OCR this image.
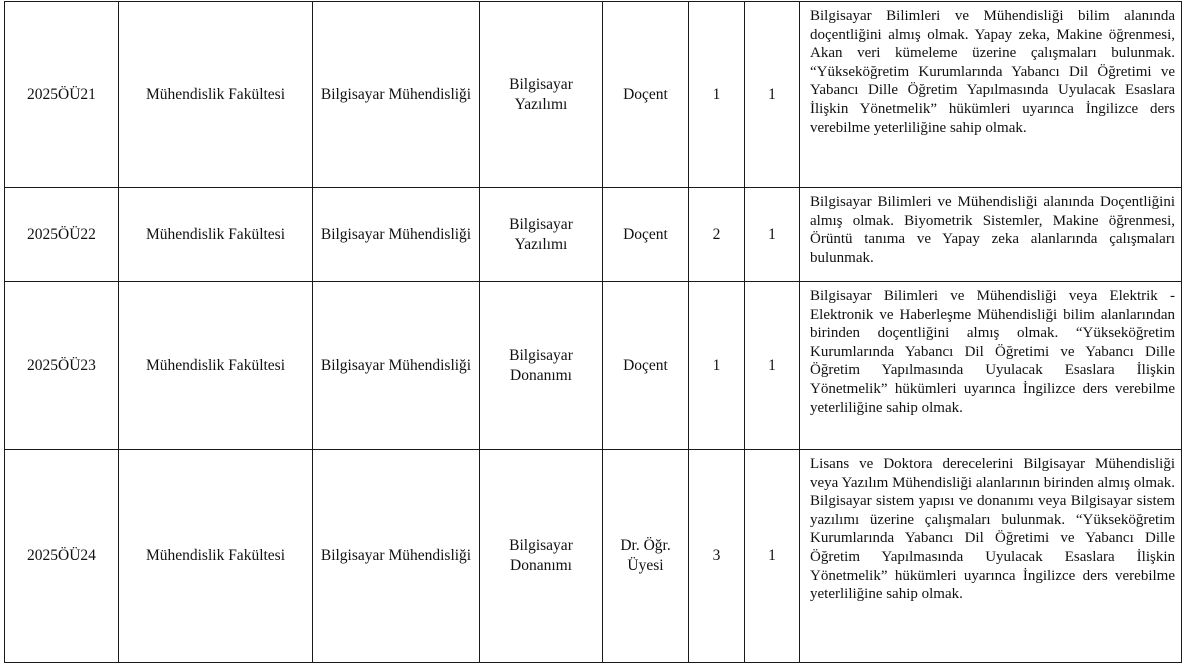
2025ÖÜ21	Mühendislik Fakültesi	Bilgisayar Mühendisliği	Bilgisayar Yazılımı	Doçent	1	1	Bilgisayar Bilimleri ve Mühendisliği bilim alanında doçentliğini almış olmak. Yapay zeka, Makine öğrenmesi, Akan veri kümeleme üzerine çalışmaları bulunmak. “Yükseköğretim Kurumlarında Yabancı Dil Öğretimi ve Yabancı Dille Öğretim Yapılmasında Uyulacak Esaslara İlişkin Yönetmelik” hükümleri uyarınca İngilizce ders verebilme yeterliliğine sahip olmak.
2025ÖÜ22	Mühendislik Fakültesi	Bilgisayar Mühendisliği	Bilgisayar Yazılımı	Doçent	2	1	Bilgisayar Bilimleri ve Mühendisliği alanında Doçentliğini almış olmak. Biyometrik Sistemler, Makine öğrenmesi, Örüntü tanıma ve Yapay zeka alanlarında çalışmaları bulunmak.
2025ÖÜ23	Mühendislik Fakültesi	Bilgisayar Mühendisliği	Bilgisayar Donanımı	Doçent	1	1	Bilgisayar Bilimleri ve Mühendisliği veya Elektrik -Elektronik ve Haberleşme Mühendisliği bilim alanlarından birinden doçentliğini almış olmak. “Yükseköğretim Kurumlarında Yabancı Dil Öğretimi ve Yabancı Dille Öğretim Yapılmasında Uyulacak Esaslara İlişkin Yönetmelik” hükümleri uyarınca İngilizce ders verebilme yeterliliğine sahip olmak.
2025ÖÜ24	Mühendislik Fakültesi	Bilgisayar Mühendisliği	Bilgisayar Donanımı	Dr. Öğr. Üyesi	3	1	Lisans ve Doktora derecelerini Bilgisayar Mühendisliği veya Yazılım Mühendisliği alanlarının birinden almış olmak. Bilgisayar sistem yapısı ve donanımı veya Bilgisayar sistem yazılımı üzerine çalışmaları bulunmak. “Yükseköğretim Kurumlarında Yabancı Dil Öğretimi ve Yabancı Dille Öğretim Yapılmasında Uyulacak Esaslara İlişkin Yönetmelik” hükümleri uyarınca İngilizce ders verebilme yeterliliğine sahip olmak.
